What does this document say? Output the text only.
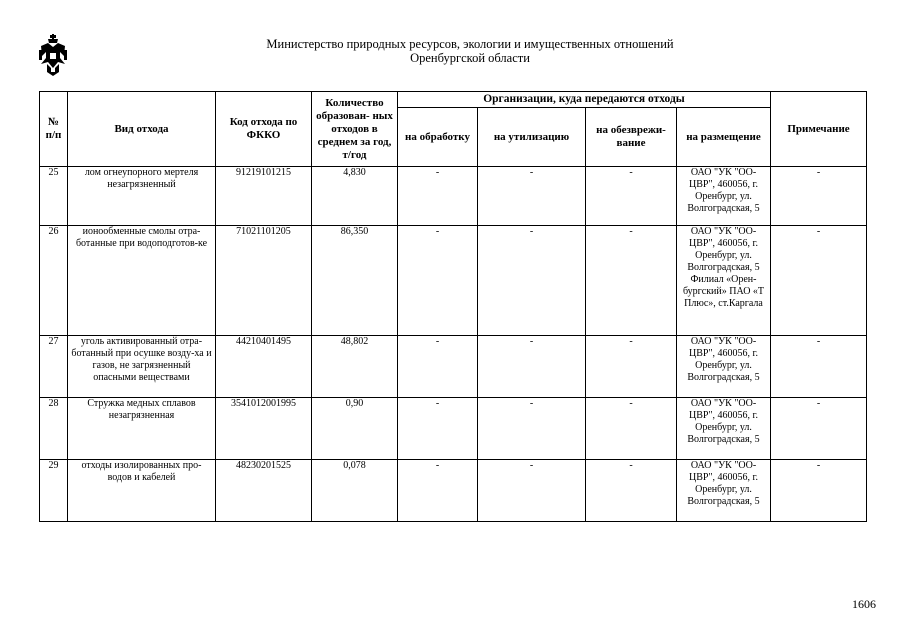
Министерство природных ресурсов, экологии и имущественных отношений
Оренбургской области
№ п/п	Вид отхода	Код отхода по ФККО	Количество образован- ных отходов в среднем за год, т/год	Организации, куда передаются отходы				Примечание
				на обработку	на утилизацию	на обезврежи- вание	на размещение	
25	лом огнеупорного мертеля незагрязненный	91219101215	4,830	-	-	-	ОАО "УК "ОО-ЦВР", 460056, г. Оренбург, ул. Волгоградская, 5	-
26	ионообменные смолы отра-ботанные при водоподготов-ке	71021101205	86,350	-	-	-	ОАО "УК "ОО-ЦВР", 460056, г. Оренбург, ул. Волгоградская, 5 Филиал «Орен-бургский» ПАО «Т Плюс», ст.Каргала	-
27	уголь активированный отра-ботанный при осушке возду-ха и газов, не загрязненный опасными веществами	44210401495	48,802	-	-	-	ОАО "УК "ОО-ЦВР", 460056, г. Оренбург, ул. Волгоградская, 5	-
28	Стружка медных сплавов незагрязненная	3541012001995	0,90	-	-	-	ОАО "УК "ОО-ЦВР", 460056, г. Оренбург, ул. Волгоградская, 5	-
29	отходы изолированных про-водов и кабелей	48230201525	0,078	-	-	-	ОАО "УК "ОО-ЦВР", 460056, г. Оренбург, ул. Волгоградская, 5	-
1606
